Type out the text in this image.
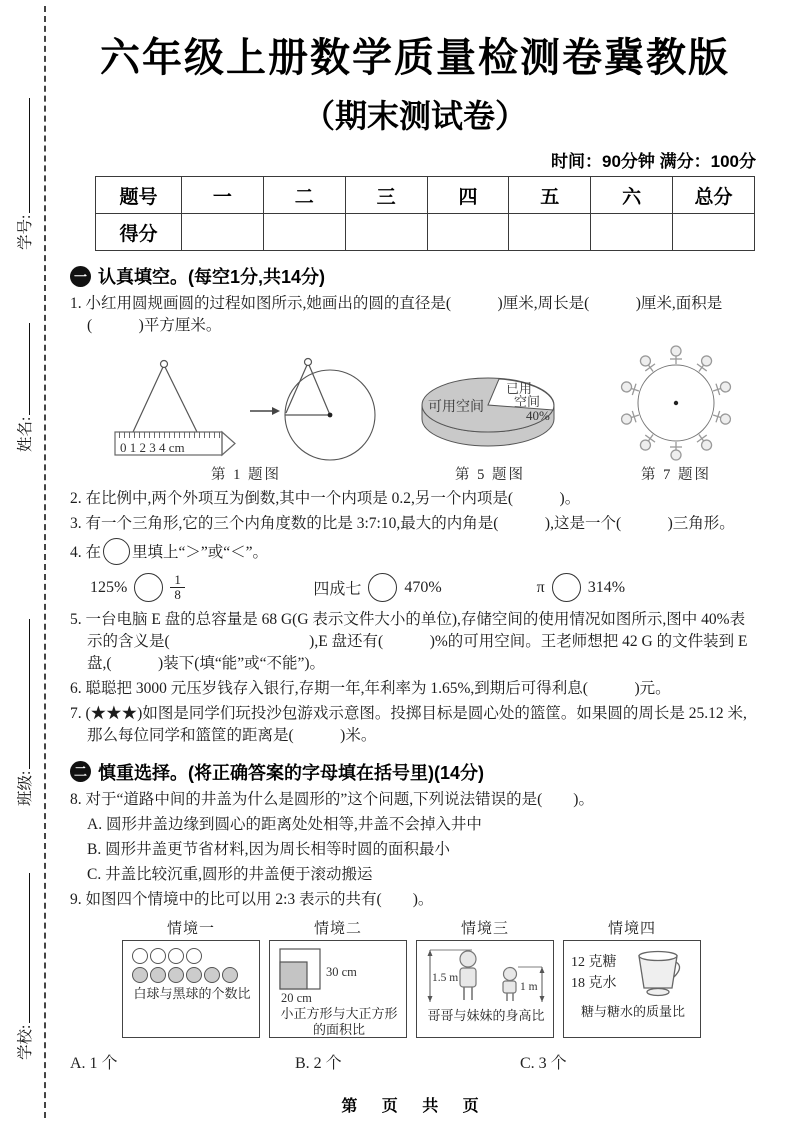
学号:
姓名:
班级:
学校:
六年级上册数学质量检测卷冀教版
（期末测试卷）
时间：90分钟 满分：100分
题号	一	二	三	四	五	六	总分
得分							
一 认真填空。(每空1分,共14分)

1. 小红用圆规画圆的过程如图所示,她画出的圆的直径是(　　　)厘米,周长是(　　　)厘米,面积是(　　　)平方厘米。

0 1 2 3 4 cm
第 1 题图
可用空间
已用
空间
40%
第 5 题图	第 7 题图

2. 在比例中,两个外项互为倒数,其中一个内项是 0.2,另一个内项是(　　　)。

3. 有一个三角形,它的三个内角度数的比是 3:7:10,最大的内角是(　　　),这是一个(　　　)三角形。

4. 在 里填上“＞”或“＜”。

125%	$\frac{1}{8}$	四成七	470%	π	314%

5. 一台电脑 E 盘的总容量是 68 G(G 表示文件大小的单位),存储空间的使用情况如图所示,图中 40%表示的含义是(　　　　　　　　　),E 盘还有(　　　)%的可用空间。王老师想把 42 G 的文件装到 E 盘,(　　　)装下(填“能”或“不能”)。

6. 聪聪把 3000 元压岁钱存入银行,存期一年,年利率为 1.65%,到期后可得利息(　　　)元。

7. (★★★)如图是同学们玩投沙包游戏示意图。投掷目标是圆心处的篮筐。如果圆的周长是 25.12 米,那么每位同学和篮筐的距离是(　　　)米。

二 慎重选择。(将正确答案的字母填在括号里)(14分)

8. 对于“道路中间的井盖为什么是圆形的”这个问题,下列说法错误的是(　　)。

A. 圆形井盖边缘到圆心的距离处处相等,井盖不会掉入井中

B. 圆形井盖更节省材料,因为周长相等时圆的面积最小

C. 井盖比较沉重,圆形的井盖便于滚动搬运

9. 如图四个情境中的比可以用 2:3 表示的共有(　　)。

情境一
白球与黑球的个数比
情境二
30 cm
20 cm
小正方形与大正方形的面积比
情境三
1.5 m
1 m
哥哥与妹妹的身高比
情境四
12 克糖
18 克水
糖与糖水的质量比
A. 1 个	B. 2 个	C. 3 个
第 页 共 页
